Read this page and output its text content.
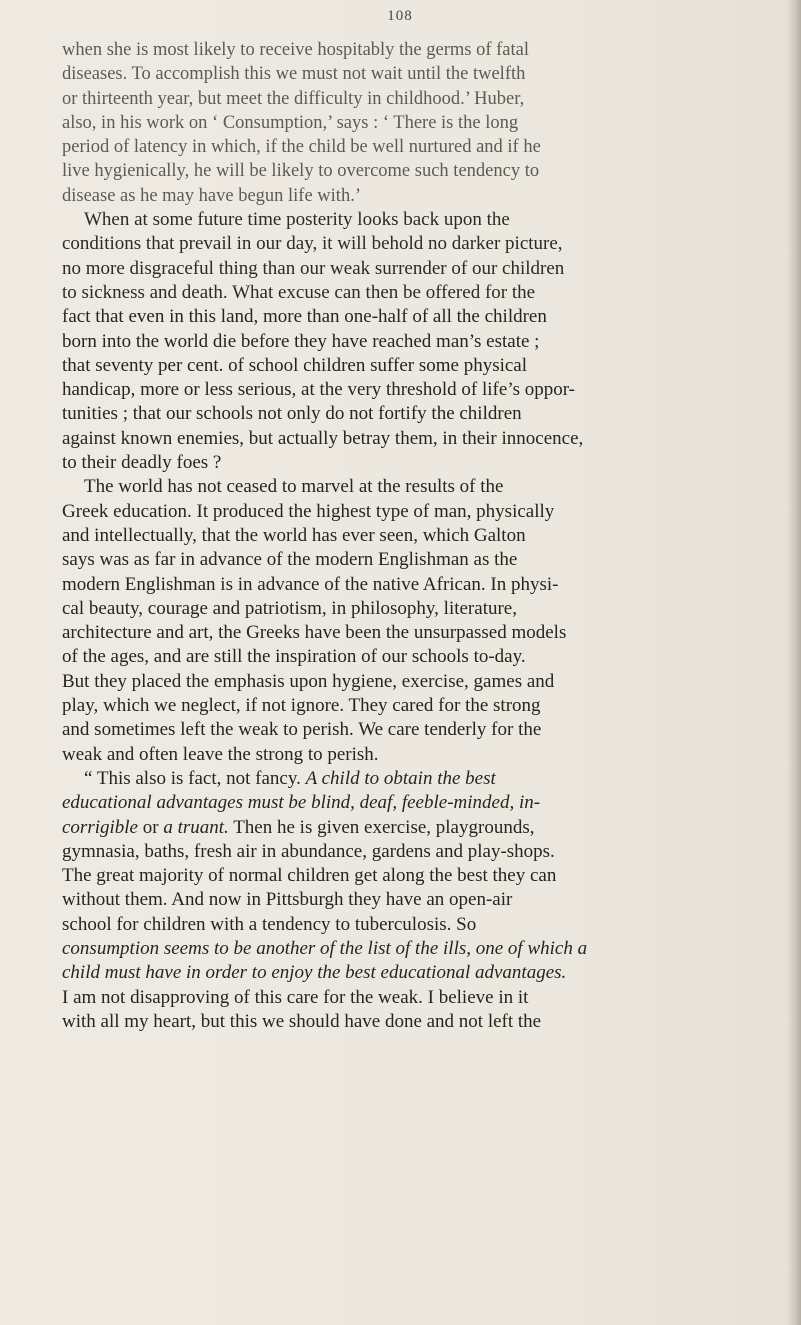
108
when she is most likely to receive hospitably the germs of fatal
diseases. To accomplish this we must not wait until the twelfth
or thirteenth year, but meet the difficulty in childhood.’ Huber,
also, in his work on ‘ Consumption,’ says : ‘ There is the long
period of latency in which, if the child be well nurtured and if he
live hygienically, he will be likely to overcome such tendency to
disease as he may have begun life with.’
When at some future time posterity looks back upon the
conditions that prevail in our day, it will behold no darker picture,
no more disgraceful thing than our weak surrender of our children
to sickness and death. What excuse can then be offered for the
fact that even in this land, more than one-half of all the children
born into the world die before they have reached man’s estate ;
that seventy per cent. of school children suffer some physical
handicap, more or less serious, at the very threshold of life’s oppor-
tunities ; that our schools not only do not fortify the children
against known enemies, but actually betray them, in their innocence,
to their deadly foes ?
The world has not ceased to marvel at the results of the
Greek education. It produced the highest type of man, physically
and intellectually, that the world has ever seen, which Galton
says was as far in advance of the modern Englishman as the
modern Englishman is in advance of the native African. In physi-
cal beauty, courage and patriotism, in philosophy, literature,
architecture and art, the Greeks have been the unsurpassed models
of the ages, and are still the inspiration of our schools to-day.
But they placed the emphasis upon hygiene, exercise, games and
play, which we neglect, if not ignore. They cared for the strong
and sometimes left the weak to perish. We care tenderly for the
weak and often leave the strong to perish.
“ This also is fact, not fancy. A child to obtain the best
educational advantages must be blind, deaf, feeble-minded, in-
corrigible or a truant. Then he is given exercise, playgrounds,
gymnasia, baths, fresh air in abundance, gardens and play-shops.
The great majority of normal children get along the best they can
without them. And now in Pittsburgh they have an open-air
school for children with a tendency to tuberculosis. So
consumption seems to be another of the list of the ills, one of which a
child must have in order to enjoy the best educational advantages.
I am not disapproving of this care for the weak. I believe in it
with all my heart, but this we should have done and not left the
